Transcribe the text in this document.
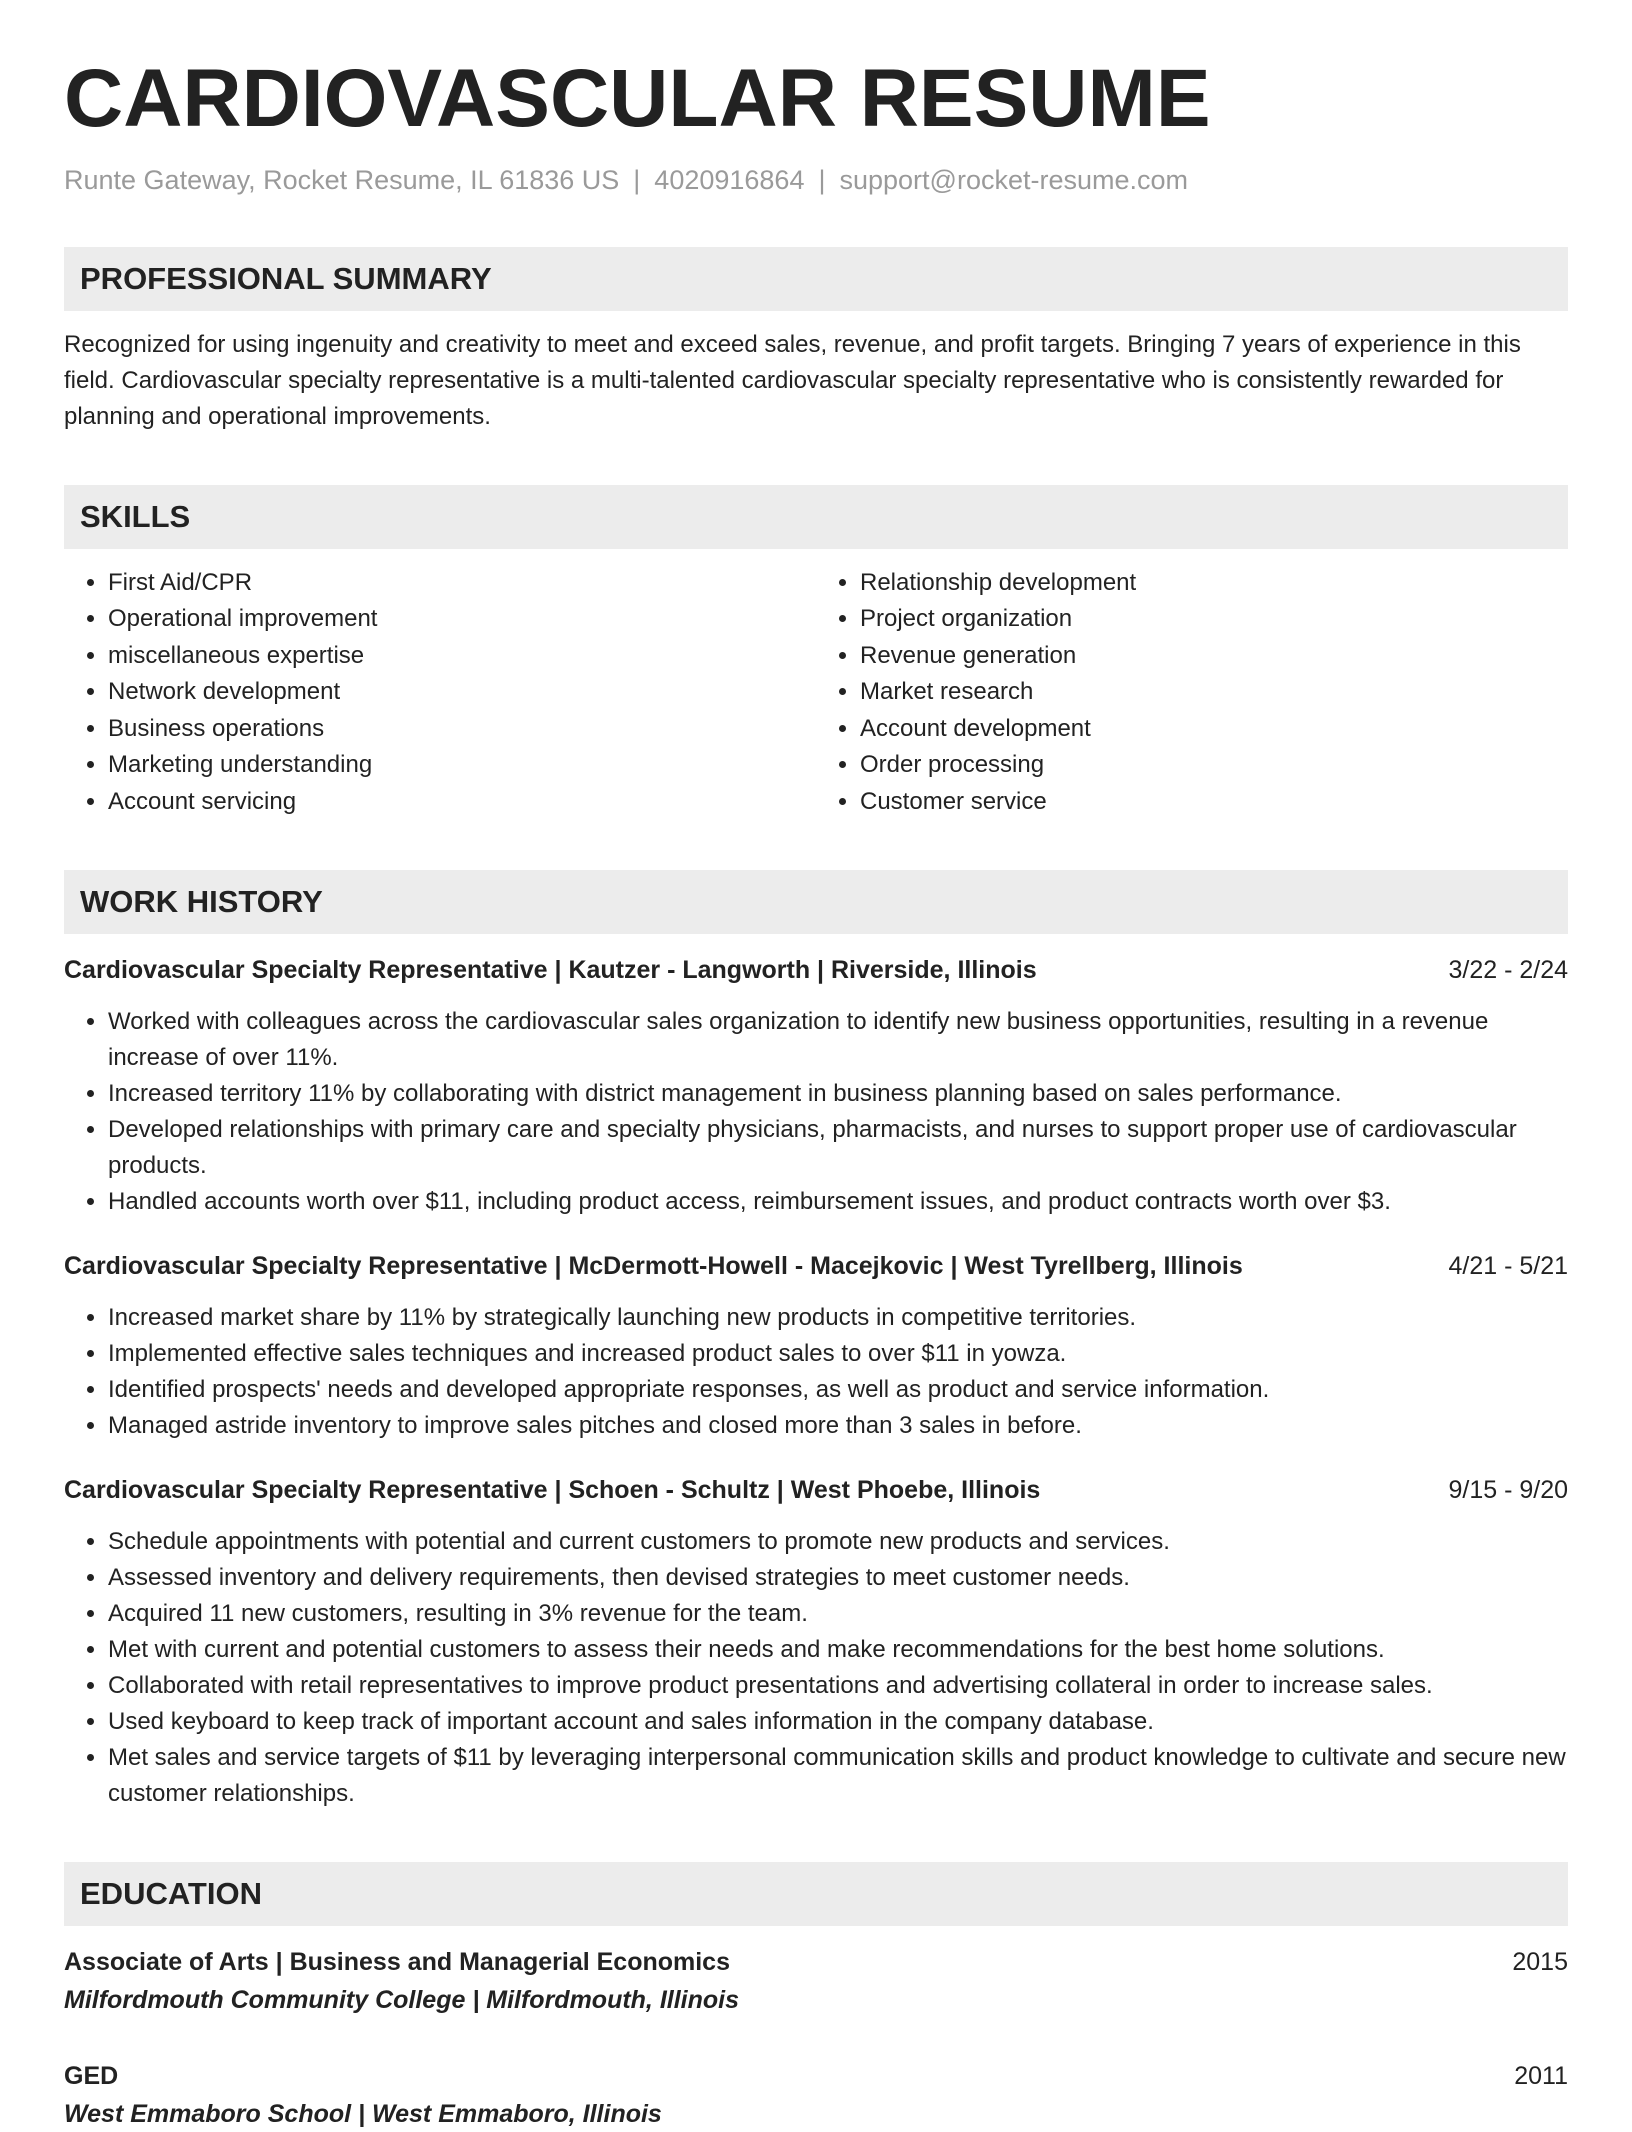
CARDIOVASCULAR RESUME
Runte Gateway, Rocket Resume, IL 61836 US | 4020916864 | support@rocket-resume.com
PROFESSIONAL SUMMARY
Recognized for using ingenuity and creativity to meet and exceed sales, revenue, and profit targets. Bringing 7 years of experience in this field. Cardiovascular specialty representative is a multi-talented cardiovascular specialty representative who is consistently rewarded for planning and operational improvements.
SKILLS
• First Aid/CPR
• Operational improvement
• miscellaneous expertise
• Network development
• Business operations
• Marketing understanding
• Account servicing
• Relationship development
• Project organization
• Revenue generation
• Market research
• Account development
• Order processing
• Customer service
WORK HISTORY
Cardiovascular Specialty Representative | Kautzer - Langworth | Riverside, Illinois	3/22 - 2/24
• Worked with colleagues across the cardiovascular sales organization to identify new business opportunities, resulting in a revenue increase of over 11%.
• Increased territory 11% by collaborating with district management in business planning based on sales performance.
• Developed relationships with primary care and specialty physicians, pharmacists, and nurses to support proper use of cardiovascular products.
• Handled accounts worth over $11, including product access, reimbursement issues, and product contracts worth over $3.
Cardiovascular Specialty Representative | McDermott-Howell - Macejkovic | West Tyrellberg, Illinois	4/21 - 5/21
• Increased market share by 11% by strategically launching new products in competitive territories.
• Implemented effective sales techniques and increased product sales to over $11 in yowza.
• Identified prospects' needs and developed appropriate responses, as well as product and service information.
• Managed astride inventory to improve sales pitches and closed more than 3 sales in before.
Cardiovascular Specialty Representative | Schoen - Schultz | West Phoebe, Illinois	9/15 - 9/20
• Schedule appointments with potential and current customers to promote new products and services.
• Assessed inventory and delivery requirements, then devised strategies to meet customer needs.
• Acquired 11 new customers, resulting in 3% revenue for the team.
• Met with current and potential customers to assess their needs and make recommendations for the best home solutions.
• Collaborated with retail representatives to improve product presentations and advertising collateral in order to increase sales.
• Used keyboard to keep track of important account and sales information in the company database.
• Met sales and service targets of $11 by leveraging interpersonal communication skills and product knowledge to cultivate and secure new customer relationships.
EDUCATION
Associate of Arts | Business and Managerial Economics	2015
Milfordmouth Community College | Milfordmouth, Illinois
GED	2011
West Emmaboro School | West Emmaboro, Illinois
